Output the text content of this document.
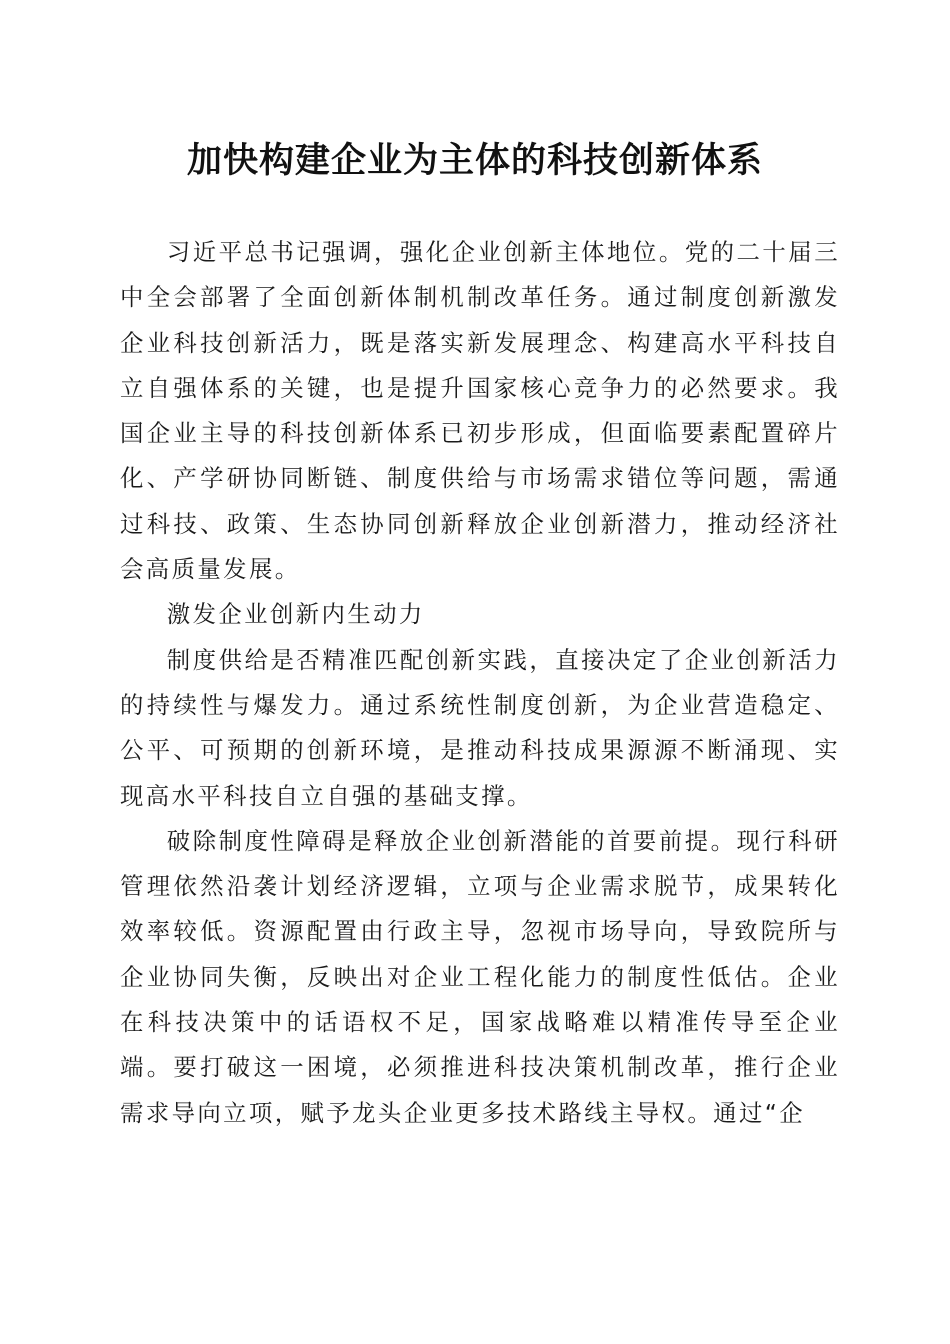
加快构建企业为主体的科技创新体系

习近平总书记强调，强化企业创新主体地位。党的二十届三中全会部署了全面创新体制机制改革任务。通过制度创新激发企业科技创新活力，既是落实新发展理念、构建高水平科技自立自强体系的关键，也是提升国家核心竞争力的必然要求。我国企业主导的科技创新体系已初步形成，但面临要素配置碎片化、产学研协同断链、制度供给与市场需求错位等问题，需通过科技、政策、生态协同创新释放企业创新潜力，推动经济社会高质量发展。

激发企业创新内生动力

制度供给是否精准匹配创新实践，直接决定了企业创新活力的持续性与爆发力。通过系统性制度创新，为企业营造稳定、公平、可预期的创新环境，是推动科技成果源源不断涌现、实现高水平科技自立自强的基础支撑。

破除制度性障碍是释放企业创新潜能的首要前提。现行科研管理依然沿袭计划经济逻辑，立项与企业需求脱节，成果转化效率较低。资源配置由行政主导，忽视市场导向，导致院所与企业协同失衡，反映出对企业工程化能力的制度性低估。企业在科技决策中的话语权不足，国家战略难以精准传导至企业端。要打破这一困境，必须推进科技决策机制改革，推行企业需求导向立项，赋予龙头企业更多技术路线主导权。通过“企
